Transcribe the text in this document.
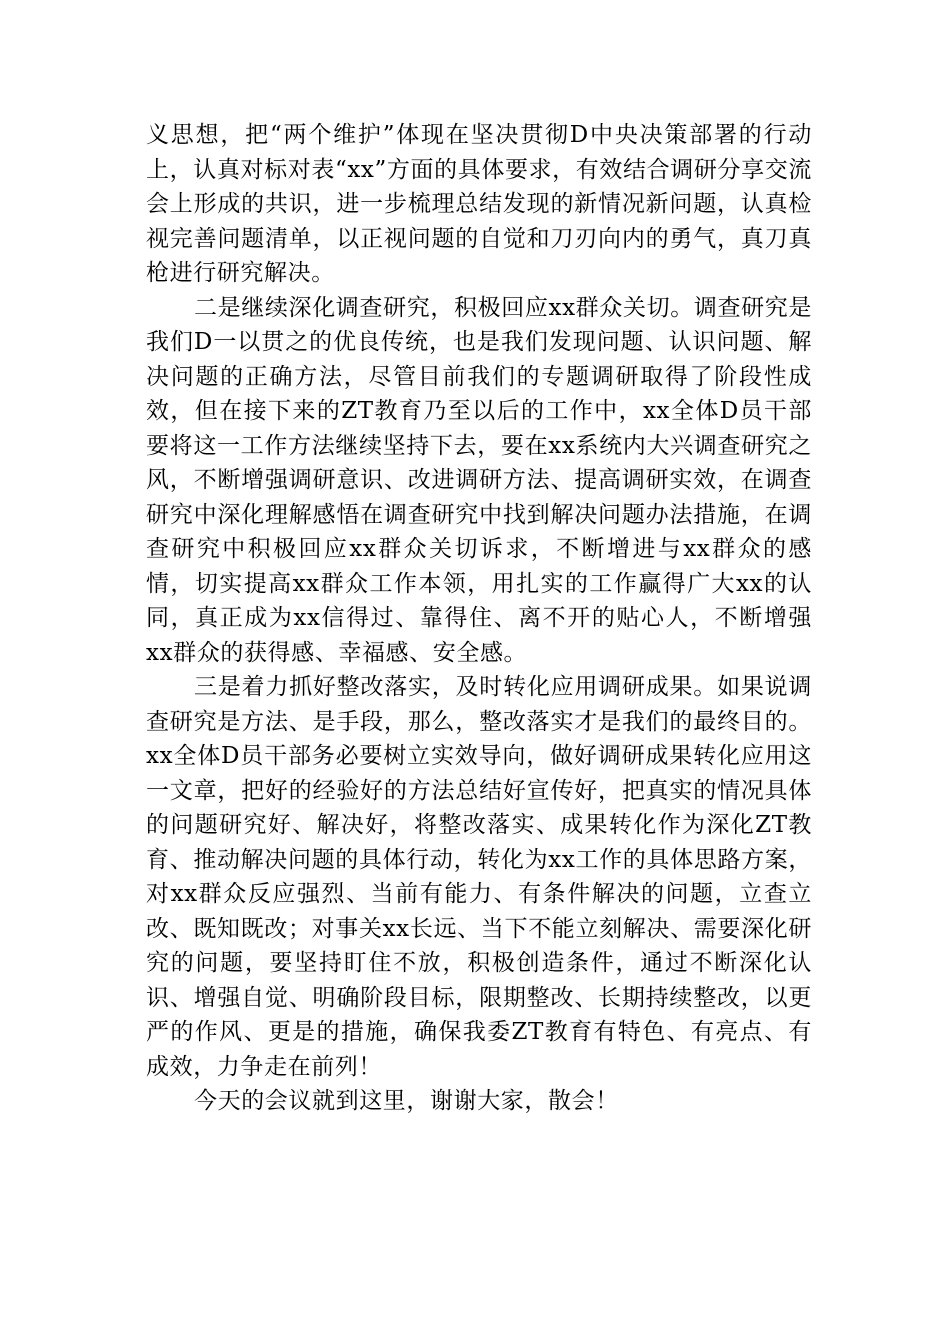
义思想，把“两个维护”体现在坚决贯彻D中央决策部署的行动上，认真对标对表“xx”方面的具体要求，有效结合调研分享交流会上形成的共识，进一步梳理总结发现的新情况新问题，认真检视完善问题清单，以正视问题的自觉和刀刃向内的勇气，真刀真枪进行研究解决。

二是继续深化调查研究，积极回应xx群众关切。调查研究是我们D一以贯之的优良传统，也是我们发现问题、认识问题、解决问题的正确方法，尽管目前我们的专题调研取得了阶段性成效，但在接下来的ZT教育乃至以后的工作中，xx全体D员干部要将这一工作方法继续坚持下去，要在xx系统内大兴调查研究之风，不断增强调研意识、改进调研方法、提高调研实效，在调查研究中深化理解感悟在调查研究中找到解决问题办法措施，在调查研究中积极回应xx群众关切诉求，不断增进与xx群众的感情，切实提高xx群众工作本领，用扎实的工作赢得广大xx的认同，真正成为xx信得过、靠得住、离不开的贴心人，不断增强xx群众的获得感、幸福感、安全感。

三是着力抓好整改落实，及时转化应用调研成果。如果说调查研究是方法、是手段，那么，整改落实才是我们的最终目的。xx全体D员干部务必要树立实效导向，做好调研成果转化应用这一文章，把好的经验好的方法总结好宣传好，把真实的情况具体的问题研究好、解决好，将整改落实、成果转化作为深化ZT教育、推动解决问题的具体行动，转化为xx工作的具体思路方案，对xx群众反应强烈、当前有能力、有条件解决的问题，立查立改、既知既改；对事关xx长远、当下不能立刻解决、需要深化研究的问题，要坚持盯住不放，积极创造条件，通过不断深化认识、增强自觉、明确阶段目标，限期整改、长期持续整改，以更严的作风、更是的措施，确保我委ZT教育有特色、有亮点、有成效，力争走在前列！

今天的会议就到这里，谢谢大家，散会！
